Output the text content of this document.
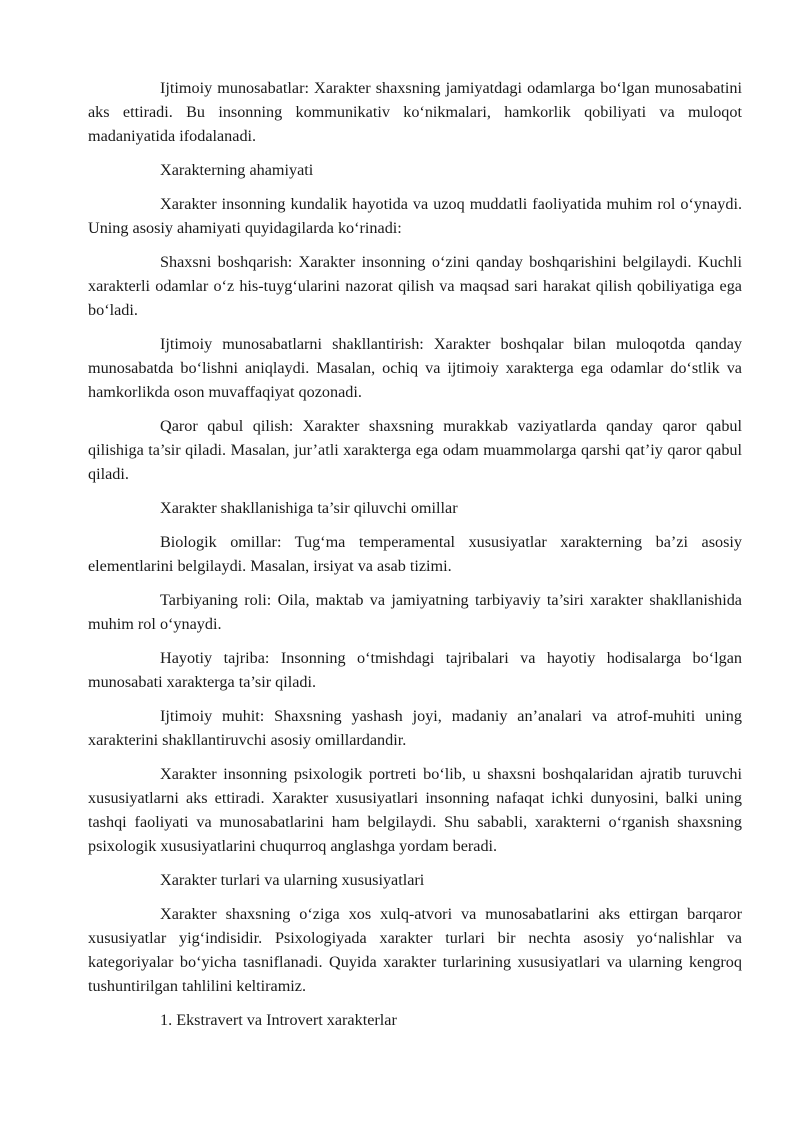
Ijtimoiy munosabatlar: Xarakter shaxsning jamiyatdagi odamlarga bo‘lgan munosabatini aks ettiradi. Bu insonning kommunikativ ko‘nikmalari, hamkorlik qobiliyati va muloqot madaniyatida ifodalanadi.

Xarakterning ahamiyati

Xarakter insonning kundalik hayotida va uzoq muddatli faoliyatida muhim rol o‘ynaydi. Uning asosiy ahamiyati quyidagilarda ko‘rinadi:

Shaxsni boshqarish: Xarakter insonning o‘zini qanday boshqarishini belgilaydi. Kuchli xarakterli odamlar o‘z his-tuyg‘ularini nazorat qilish va maqsad sari harakat qilish qobiliyatiga ega bo‘ladi.

Ijtimoiy munosabatlarni shakllantirish: Xarakter boshqalar bilan muloqotda qanday munosabatda bo‘lishni aniqlaydi. Masalan, ochiq va ijtimoiy xarakterga ega odamlar do‘stlik va hamkorlikda oson muvaffaqiyat qozonadi.

Qaror qabul qilish: Xarakter shaxsning murakkab vaziyatlarda qanday qaror qabul qilishiga ta’sir qiladi. Masalan, jur’atli xarakterga ega odam muammolarga qarshi qat’iy qaror qabul qiladi.

Xarakter shakllanishiga ta’sir qiluvchi omillar

Biologik omillar: Tug‘ma temperamental xususiyatlar xarakterning ba’zi asosiy elementlarini belgilaydi. Masalan, irsiyat va asab tizimi.

Tarbiyaning roli: Oila, maktab va jamiyatning tarbiyaviy ta’siri xarakter shakllanishida muhim rol o‘ynaydi.

Hayotiy tajriba: Insonning o‘tmishdagi tajribalari va hayotiy hodisalarga bo‘lgan munosabati xarakterga ta’sir qiladi.

Ijtimoiy muhit: Shaxsning yashash joyi, madaniy an’analari va atrof-muhiti uning xarakterini shakllantiruvchi asosiy omillardandir.

Xarakter insonning psixologik portreti bo‘lib, u shaxsni boshqalaridan ajratib turuvchi xususiyatlarni aks ettiradi. Xarakter xususiyatlari insonning nafaqat ichki dunyosini, balki uning tashqi faoliyati va munosabatlarini ham belgilaydi. Shu sababli, xarakterni o‘rganish shaxsning psixologik xususiyatlarini chuqurroq anglashga yordam beradi.

Xarakter turlari va ularning xususiyatlari

Xarakter shaxsning o‘ziga xos xulq-atvori va munosabatlarini aks ettirgan barqaror xususiyatlar yig‘indisidir. Psixologiyada xarakter turlari bir nechta asosiy yo‘nalishlar va kategoriyalar bo‘yicha tasniflanadi. Quyida xarakter turlarining xususiyatlari va ularning kengroq tushuntirilgan tahlilini keltiramiz.

1. Ekstravert va Introvert xarakterlar
